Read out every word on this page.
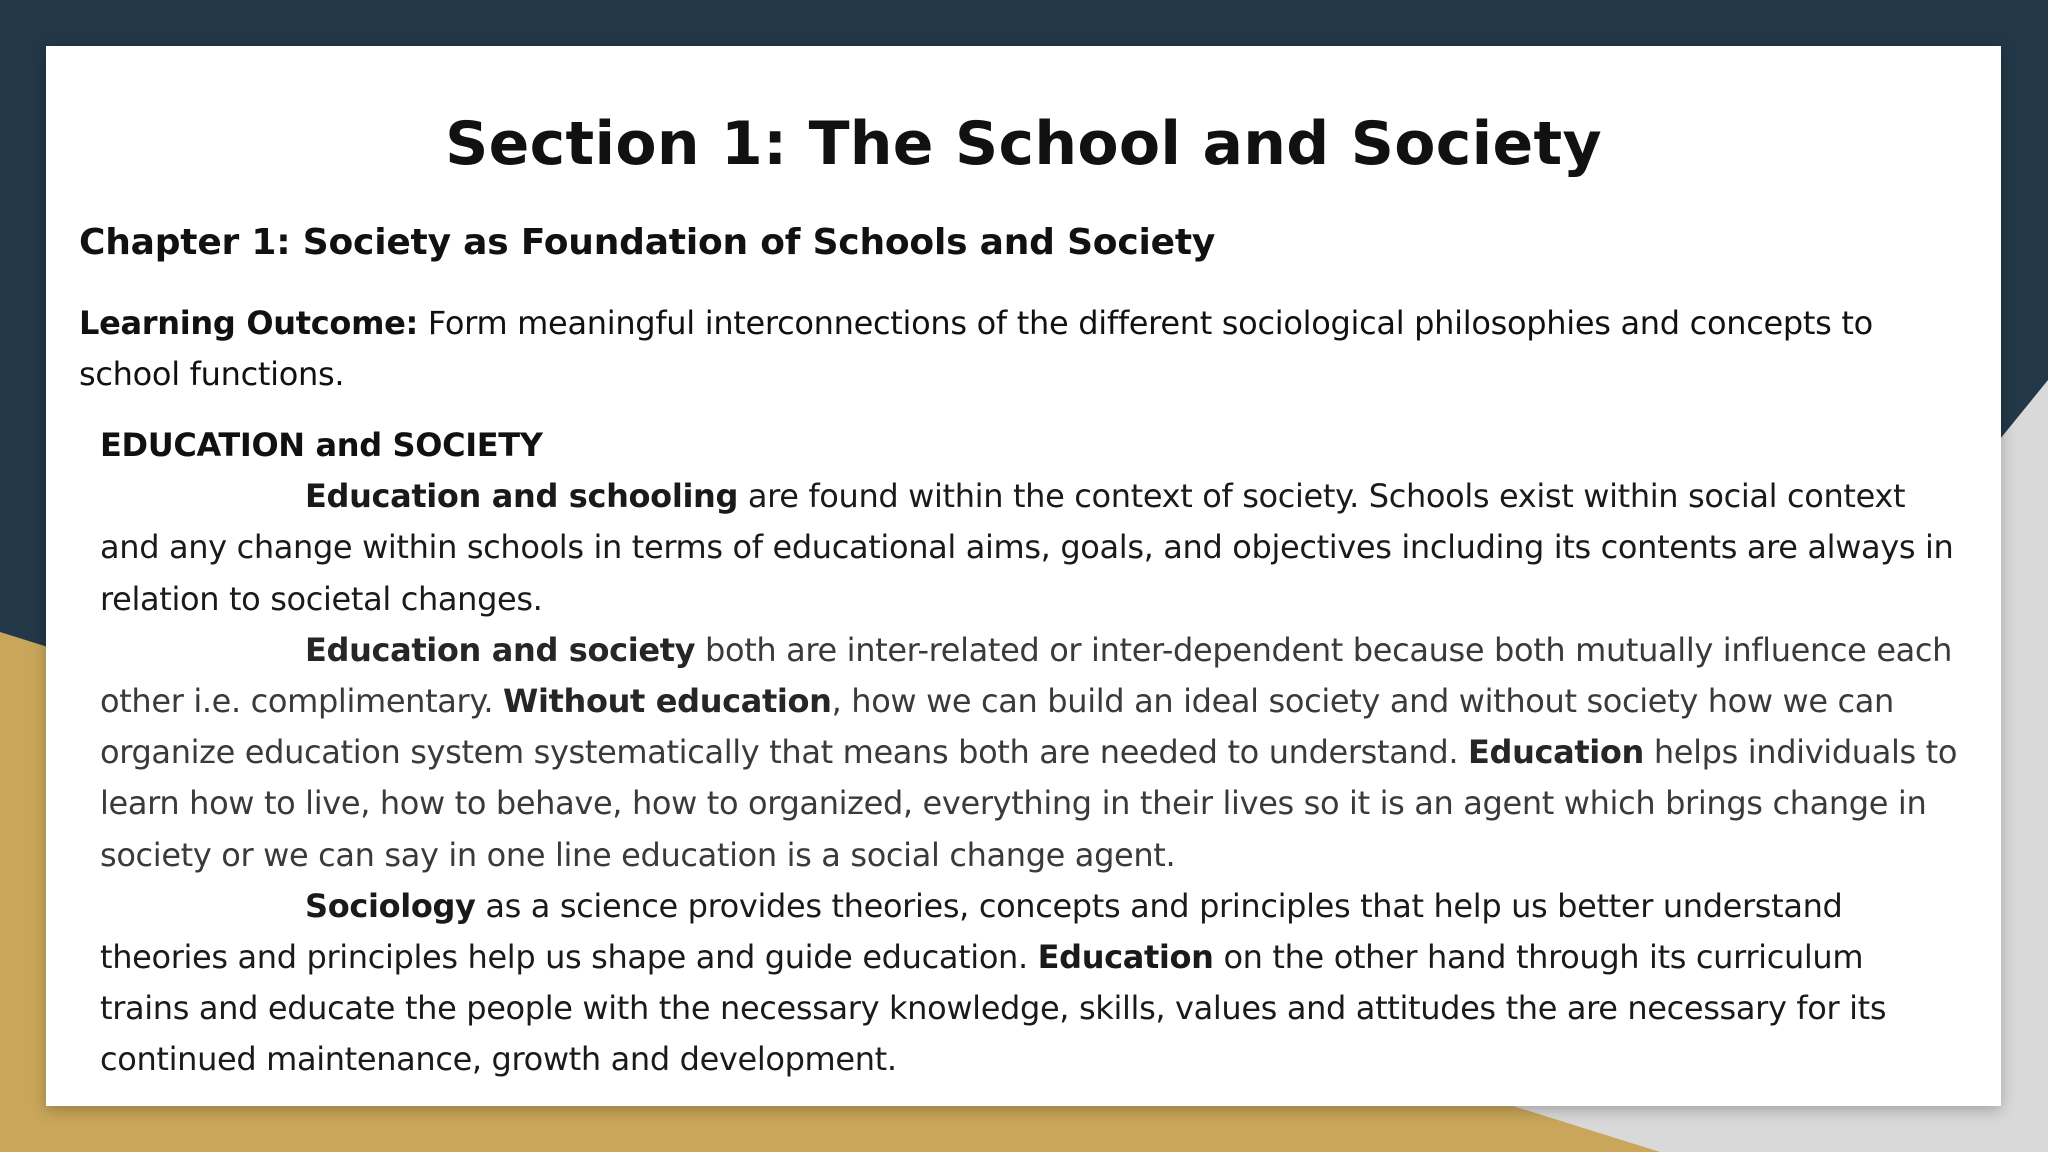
Section 1: The School and Society
Chapter 1: Society as Foundation of Schools and Society

Learning Outcome: Form meaningful interconnections of the different sociological philosophies and concepts to school functions.

EDUCATION and SOCIETY

Education and schooling are found within the context of society. Schools exist within social context and any change within schools in terms of educational aims, goals, and objectives including its contents are always in relation to societal changes.

Education and society both are inter-related or inter-dependent because both mutually influence each other i.e. complimentary. Without education, how we can build an ideal society and without society how we can organize education system systematically that means both are needed to understand. Education helps individuals to learn how to live, how to behave, how to organized, everything in their lives so it is an agent which brings change in society or we can say in one line education is a social change agent.

Sociology as a science provides theories, concepts and principles that help us better understand theories and principles help us shape and guide education. Education on the other hand through its curriculum trains and educate the people with the necessary knowledge, skills, values and attitudes the are necessary for its continued maintenance, growth and development.
